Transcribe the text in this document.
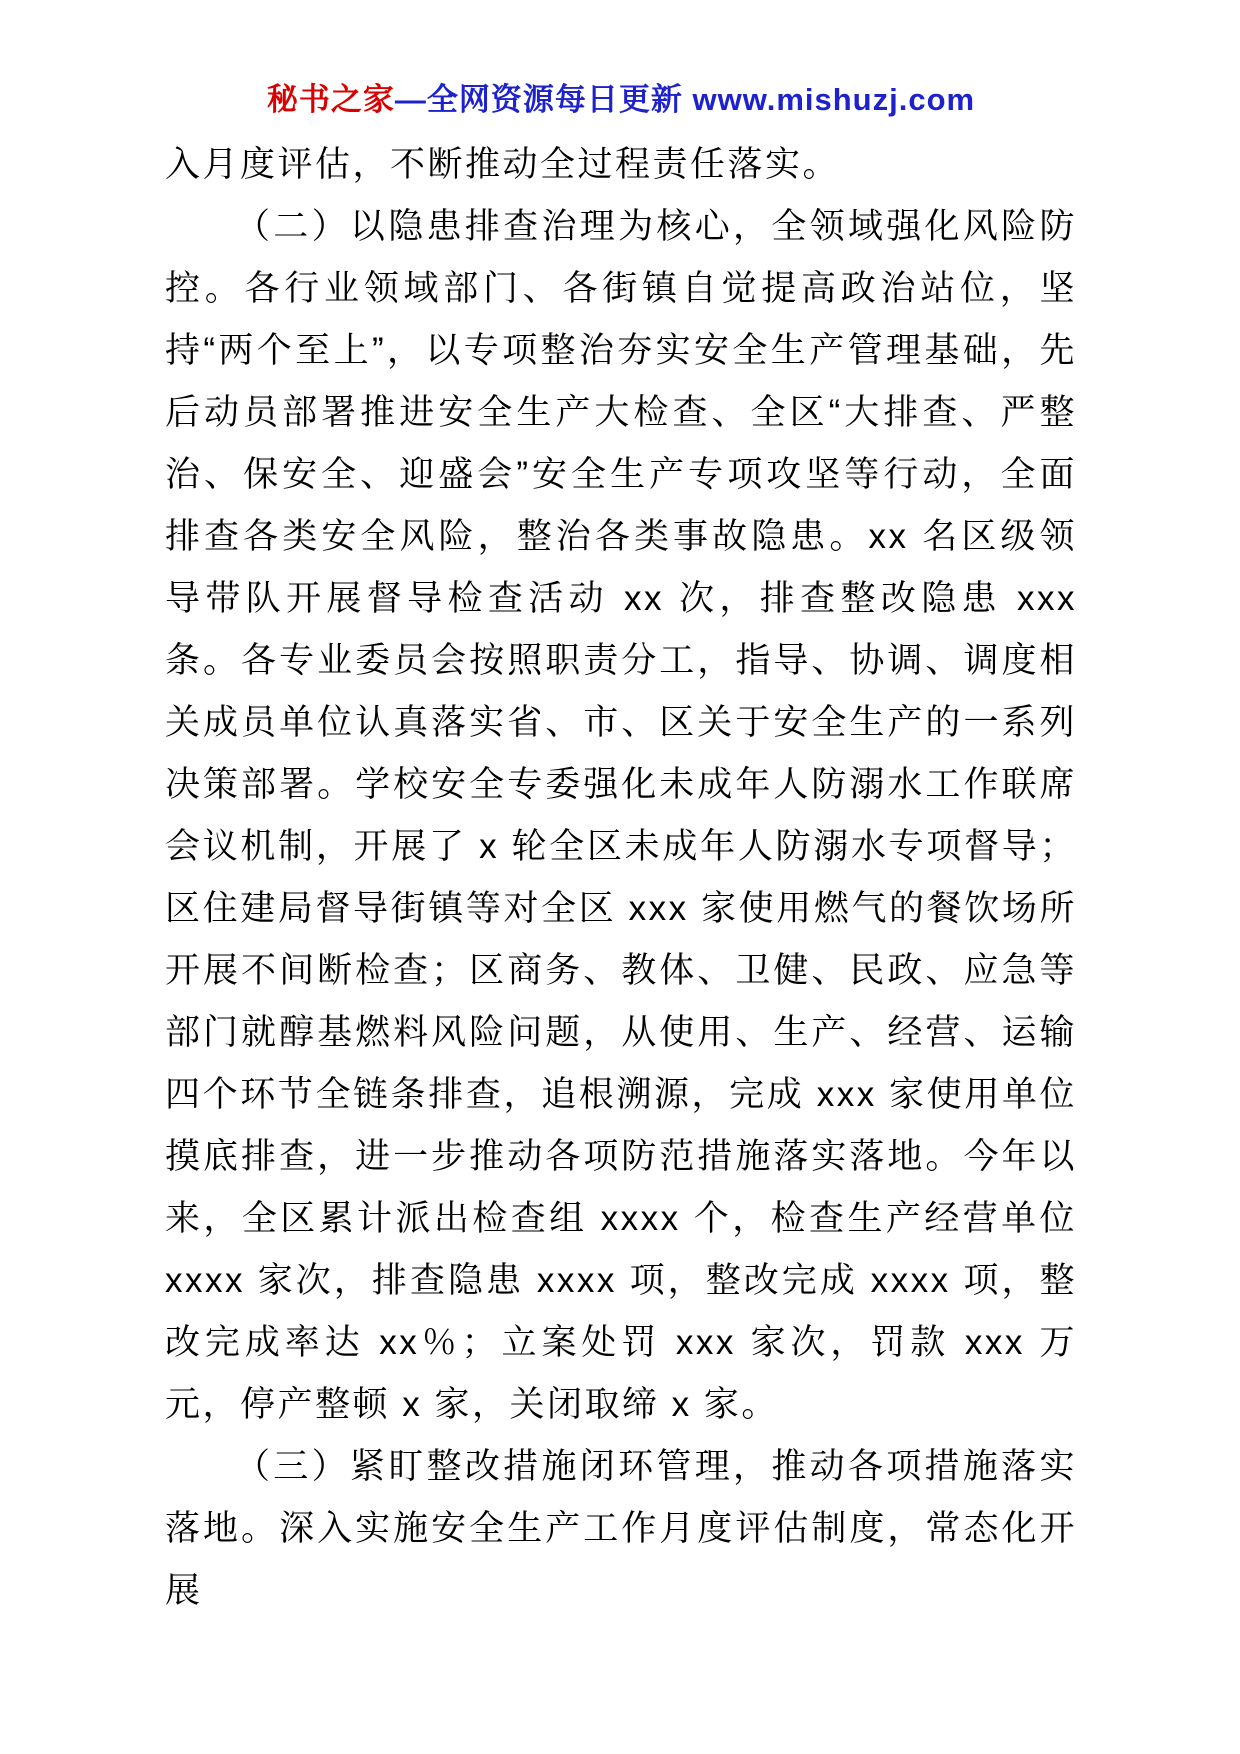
秘书之家—全网资源每日更新 www.mishuzj.com

入月度评估，不断推动全过程责任落实。

（二）以隐患排查治理为核心，全领域强化风险防控。各行业领域部门、各街镇自觉提高政治站位，坚持“两个至上”，以专项整治夯实安全生产管理基础，先后动员部署推进安全生产大检查、全区“大排查、严整治、保安全、迎盛会”安全生产专项攻坚等行动，全面排查各类安全风险，整治各类事故隐患。xx 名区级领导带队开展督导检查活动 xx 次，排查整改隐患 xxx 条。各专业委员会按照职责分工，指导、协调、调度相关成员单位认真落实省、市、区关于安全生产的一系列决策部署。学校安全专委强化未成年人防溺水工作联席会议机制，开展了 x 轮全区未成年人防溺水专项督导；区住建局督导街镇等对全区 xxx 家使用燃气的餐饮场所开展不间断检查；区商务、教体、卫健、民政、应急等部门就醇基燃料风险问题，从使用、生产、经营、运输四个环节全链条排查，追根溯源，完成 xxx 家使用单位摸底排查，进一步推动各项防范措施落实落地。今年以来，全区累计派出检查组 xxxx 个，检查生产经营单位 xxxx 家次，排查隐患 xxxx 项，整改完成 xxxx 项，整改完成率达 xx％；立案处罚 xxx 家次，罚款 xxx 万元，停产整顿 x 家，关闭取缔 x 家。

（三）紧盯整改措施闭环管理，推动各项措施落实落地。深入实施安全生产工作月度评估制度，常态化开展
